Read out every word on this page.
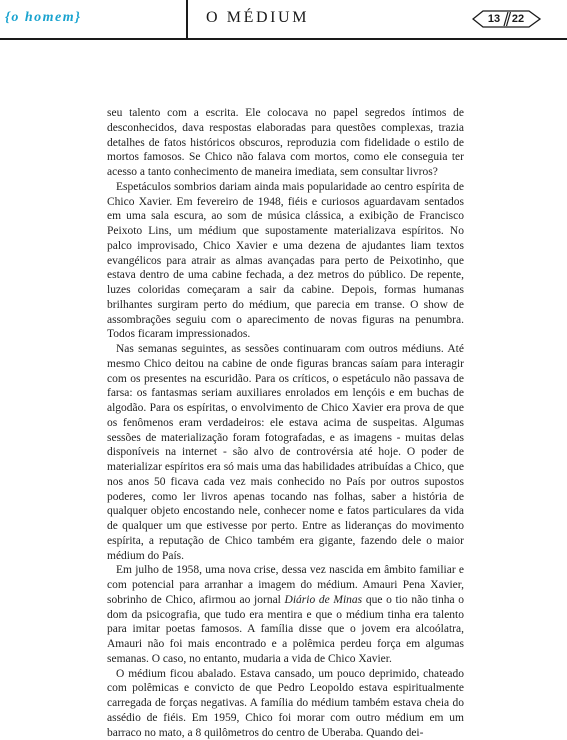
{o homem}	O MÉDIUM	13 22

seu talento com a escrita. Ele colocava no papel segredos íntimos de desconhecidos, dava respostas elaboradas para questões complexas, trazia detalhes de fatos históricos obscuros, reproduzia com fidelidade o estilo de mortos famosos. Se Chico não falava com mortos, como ele conseguia ter acesso a tanto conhecimento de maneira imediata, sem consultar livros?

Espetáculos sombrios dariam ainda mais popularidade ao centro espírita de Chico Xavier. Em fevereiro de 1948, fiéis e curiosos aguardavam sentados em uma sala escura, ao som de música clássica, a exibição de Francisco Peixoto Lins, um médium que supostamente materializava espíritos. No palco improvisado, Chico Xavier e uma dezena de ajudantes liam textos evangélicos para atrair as almas avançadas para perto de Peixotinho, que estava dentro de uma cabine fechada, a dez metros do público. De repente, luzes coloridas começaram a sair da cabine. Depois, formas humanas brilhantes surgiram perto do médium, que parecia em transe. O show de assombrações seguiu com o aparecimento de novas figuras na penumbra. Todos ficaram impressionados.

Nas semanas seguintes, as sessões continuaram com outros médiuns. Até mesmo Chico deitou na cabine de onde figuras brancas saíam para interagir com os presentes na escuridão. Para os críticos, o espetáculo não passava de farsa: os fantasmas seriam auxiliares enrolados em lençóis e em buchas de algodão. Para os espíritas, o envolvimento de Chico Xavier era prova de que os fenômenos eram verdadeiros: ele estava acima de suspeitas. Algumas sessões de materialização foram fotografadas, e as imagens - muitas delas disponíveis na internet - são alvo de controvérsia até hoje. O poder de materializar espíritos era só mais uma das habilidades atribuídas a Chico, que nos anos 50 ficava cada vez mais conhecido no País por outros supostos poderes, como ler livros apenas tocando nas folhas, saber a história de qualquer objeto encostando nele, conhecer nome e fatos particulares da vida de qualquer um que estivesse por perto. Entre as lideranças do movimento espírita, a reputação de Chico também era gigante, fazendo dele o maior médium do País.

Em julho de 1958, uma nova crise, dessa vez nascida em âmbito familiar e com potencial para arranhar a imagem do médium. Amauri Pena Xavier, sobrinho de Chico, afirmou ao jornal Diário de Minas que o tio não tinha o dom da psicografia, que tudo era mentira e que o médium tinha era talento para imitar poetas famosos. A família disse que o jovem era alcoólatra, Amauri não foi mais encontrado e a polêmica perdeu força em algumas semanas. O caso, no entanto, mudaria a vida de Chico Xavier.

O médium ficou abalado. Estava cansado, um pouco deprimido, chateado com polêmicas e convicto de que Pedro Leopoldo estava espiritualmente carregada de forças negativas. A família do médium também estava cheia do assédio de fiéis. Em 1959, Chico foi morar com outro médium em um barraco no mato, a 8 quilômetros do centro de Uberaba. Quando dei-
